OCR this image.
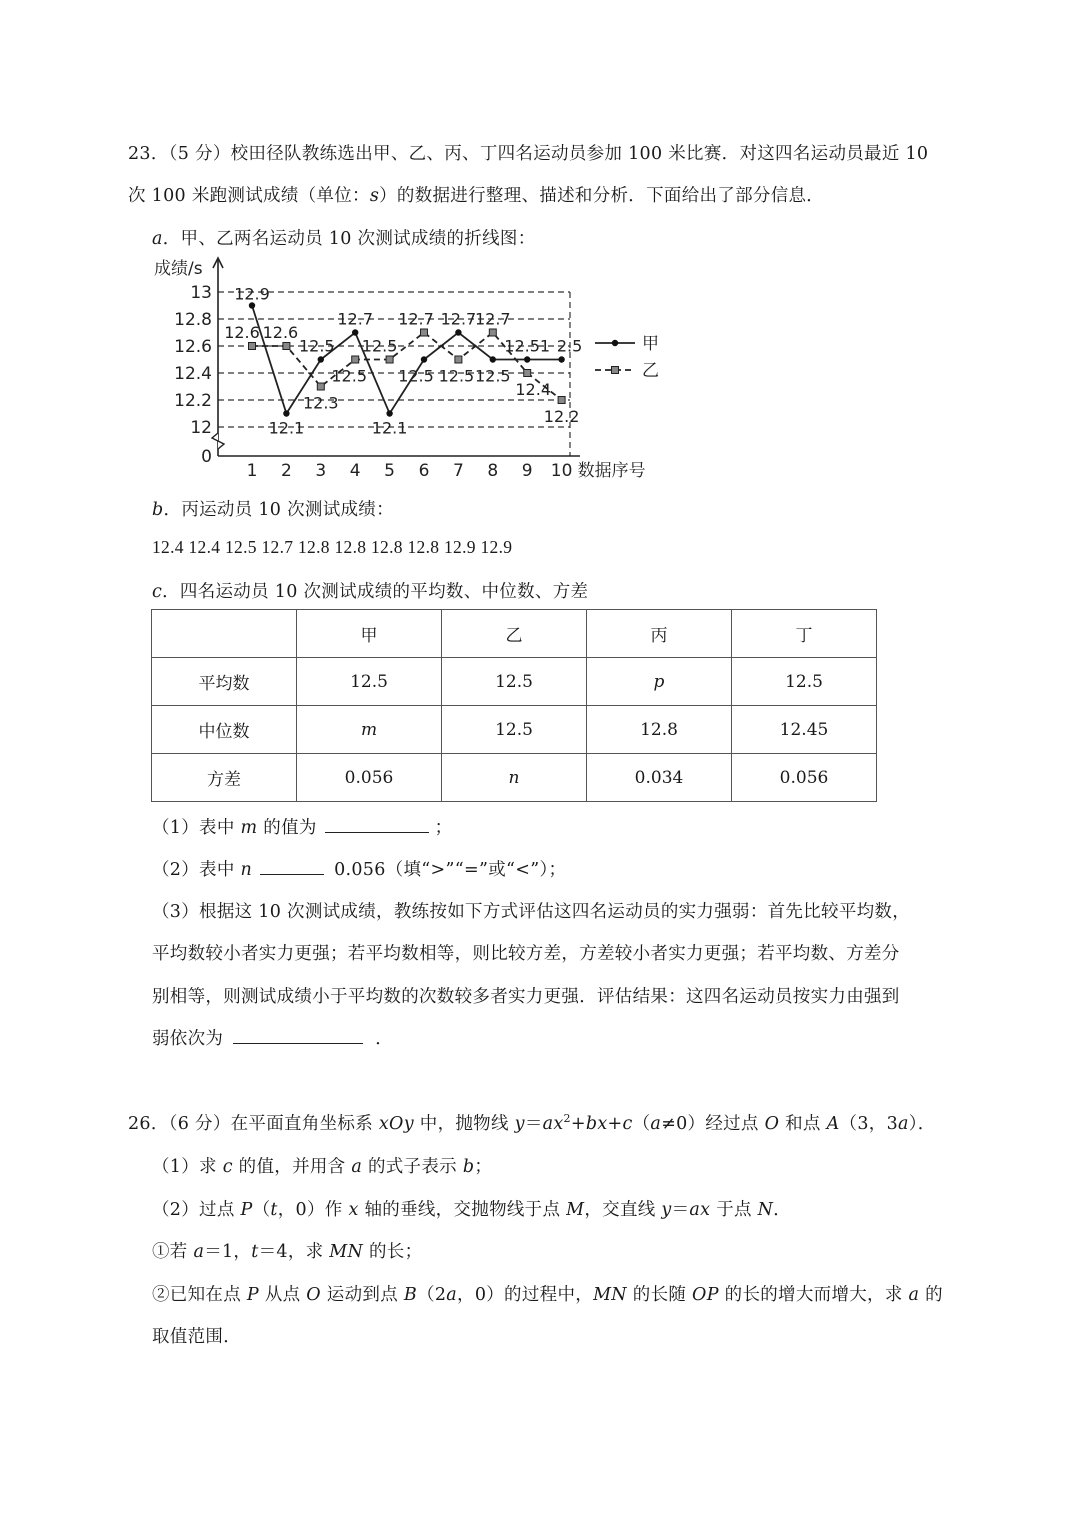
23．（5 分）校田径队教练选出甲、乙、丙、丁四名运动员参加 100 米比赛．对这四名运动员最近 10
次 100 米跑测试成绩（单位：s）的数据进行整理、描述和分析．下面给出了部分信息．
a．甲、乙两名运动员 10 次测试成绩的折线图：
0
12
12.2
12.4
12.6
12.8
13
成绩/s
1 2 3 4 5 6 7 8 9 10 数据序号
12.9
12.6 12.6
12.5
12.7
12.5
12.7 12.7
12.7
12.51 2.5
12.3
12.5 12.5 12.5 12.5
12.4
12.2
12.1	12.1
甲
乙
b．丙运动员 10 次测试成绩：
12.4 12.4 12.5 12.7 12.8 12.8 12.8 12.8 12.9 12.9
c．四名运动员 10 次测试成绩的平均数、中位数、方差
	甲	乙	丙	丁
平均数	12.5	12.5	p	12.5
中位数	m	12.5	12.8	12.45
方差	0.056	n	0.034	0.056
（1）表中 m 的值为	；
（2）表中 n	0.056（填“>”“=”或“<”）；
（3）根据这 10 次测试成绩，教练按如下方式评估这四名运动员的实力强弱：首先比较平均数，
平均数较小者实力更强；若平均数相等，则比较方差，方差较小者实力更强；若平均数、方差分
别相等，则测试成绩小于平均数的次数较多者实力更强．评估结果：这四名运动员按实力由强到
弱依次为	．
26．（6 分）在平面直角坐标系 xOy 中，抛物线 $y=ax^2+bx+c(a\ne 0)$经过点 O 和点 A（3，3a）．
（1）求 c 的值，并用含 a 的式子表示 b；
（2）过点 P（t，0）作 x 轴的垂线，交抛物线于点 M，交直线 y＝ax 于点 N．
①若 a＝1，t＝4，求 MN 的长；
②已知在点 P 从点 O 运动到点 B（2a，0）的过程中，MN 的长随 OP 的长的增大而增大，求 a 的
取值范围．
